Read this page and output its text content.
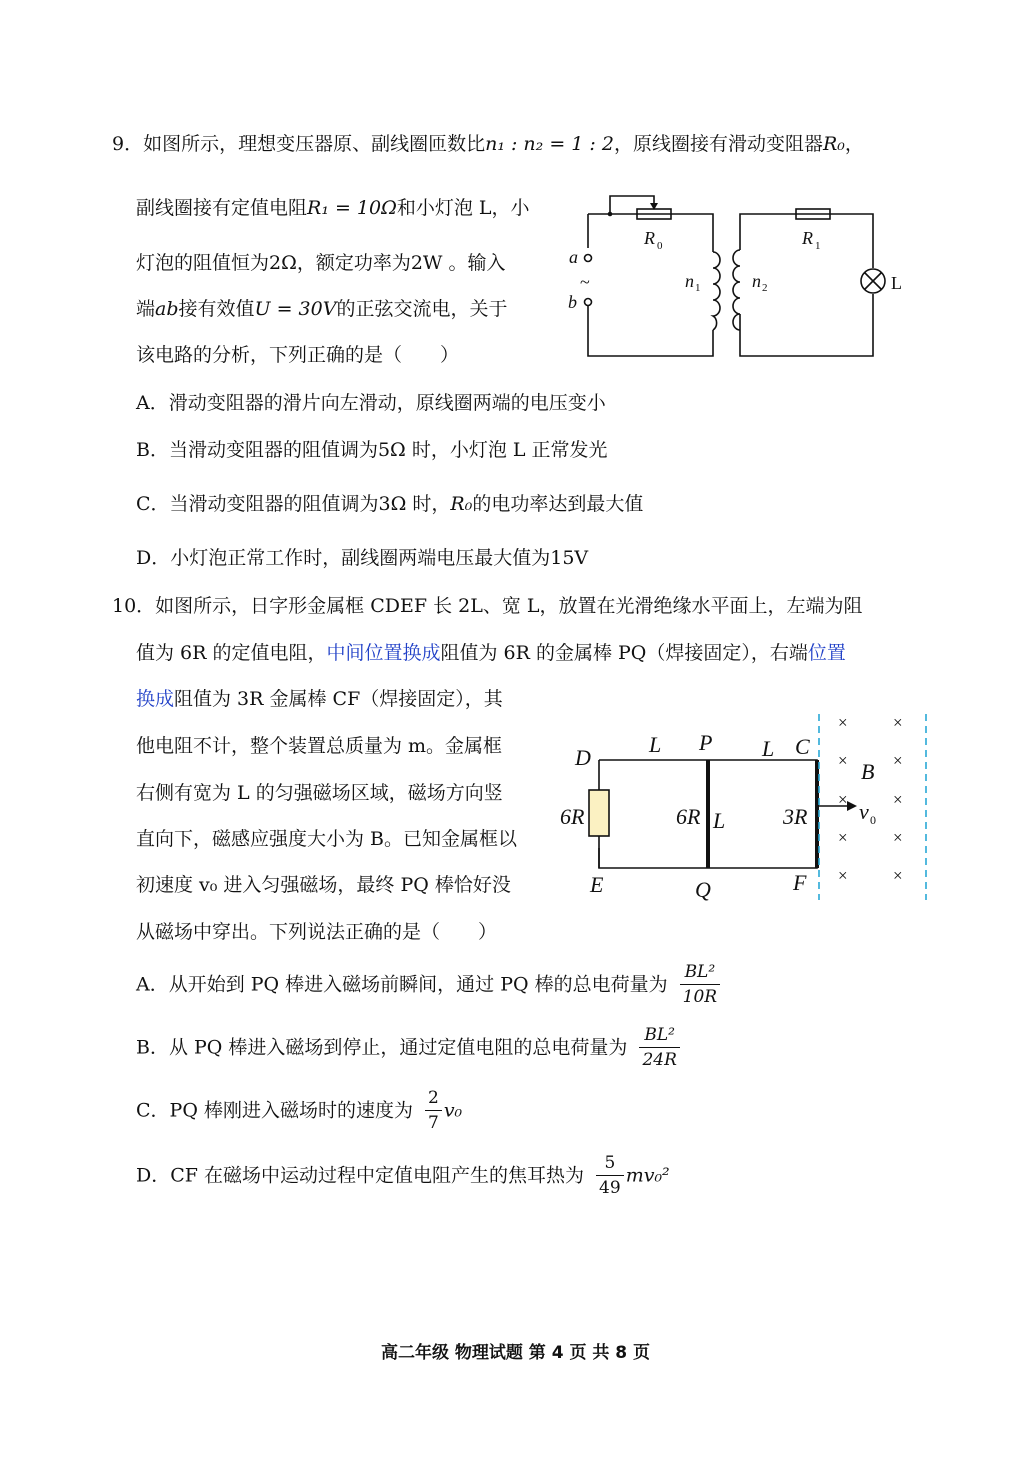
9．如图所示，理想变压器原、副线圈匝数比n₁ : n₂ = 1 : 2，原线圈接有滑动变阻器R₀，
副线圈接有定值电阻R₁ = 10Ω和小灯泡 L，小
灯泡的阻值恒为2Ω，额定功率为2W 。输入
端ab接有效值U = 30V的正弦交流电，关于
该电路的分析，下列正确的是（　　）
A．滑动变阻器的滑片向左滑动，原线圈两端的电压变小
B．当滑动变阻器的阻值调为5Ω 时，小灯泡 L 正常发光
C．当滑动变阻器的阻值调为3Ω 时，R₀的电功率达到最大值
D．小灯泡正常工作时，副线圈两端电压最大值为15V
R 0	R 1
a
~
b
n 1	n 2	L
10．如图所示，日字形金属框 CDEF 长 2L、宽 L，放置在光滑绝缘水平面上，左端为阻
值为 6R 的定值电阻，中间位置换成阻值为 6R 的金属棒 PQ（焊接固定），右端位置
换成阻值为 3R 金属棒 CF（焊接固定），其
他电阻不计，整个装置总质量为 m。金属框
右侧有宽为 L 的匀强磁场区域，磁场方向竖
直向下，磁感应强度大小为 B。已知金属框以
初速度 v₀ 进入匀强磁场，最终 PQ 棒恰好没
从磁场中穿出。下列说法正确的是（　　）
×	×
×	×
×	×
×	×
×	×
D
L P L C
B
6R	6R L	3R v 0
E	Q	F
A．从开始到 PQ 棒进入磁场前瞬间，通过 PQ 棒的总电荷量为 $\frac{\text{BL²}}{10R}$
B．从 PQ 棒进入磁场到停止，通过定值电阻的总电荷量为 $\frac{\text{BL²}}{24R}$
C．PQ 棒刚进入磁场时的速度为 $\frac{2}{7} v_0$
D．CF 在磁场中运动过程中定值电阻产生的焦耳热为 $\frac{5}{49} mv_0^2$
高二年级 物理试题 第 4 页 共 8 页
